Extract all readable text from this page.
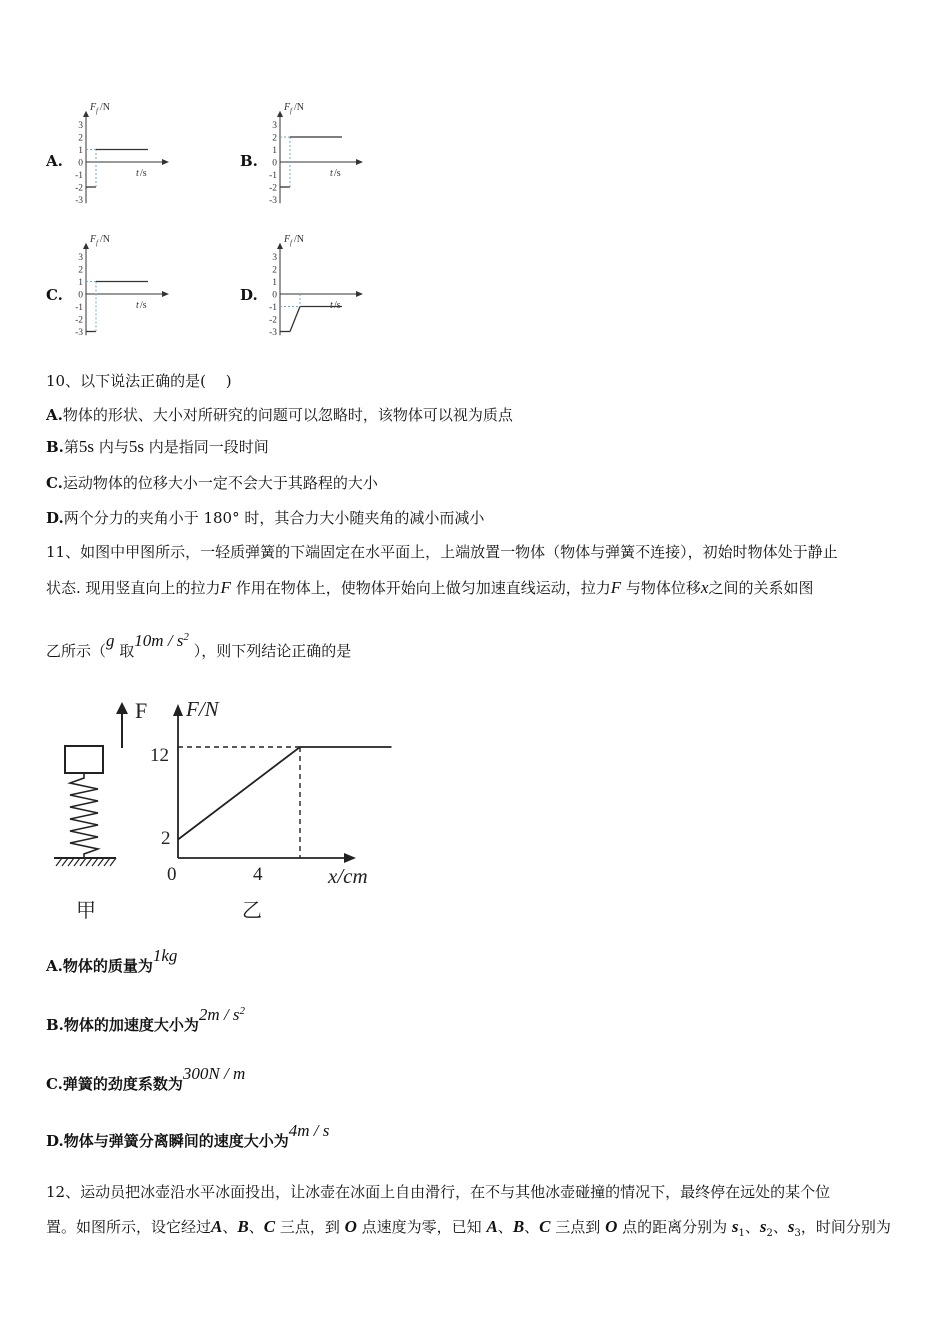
A.
F f /N
t /s
3
2
1
0
-1
-2
-3
B.
F f /N
t /s
3
2
1
0
-1
-2
-3
C.
F f /N
t /s
3
2
1
0
-1
-2
-3
D.
F f /N
t /s
3
2
1
0
-1
-2
-3
10、以下说法正确的是(　 )
A.物体的形状、大小对所研究的问题可以忽略时，该物体可以视为质点
B.第5s 内与5s 内是指同一段时间
C.运动物体的位移大小一定不会大于其路程的大小
D.两个分力的夹角小于 180° 时，其合力大小随夹角的减小而减小
11、如图中甲图所示，一轻质弹簧的下端固定在水平面上，上端放置一物体（物体与弹簧不连接），初始时物体处于静止
状态. 现用竖直向上的拉力F 作用在物体上，使物体开始向上做匀加速直线运动，拉力F 与物体位移x之间的关系如图
乙所示（g 取$10m / s^2$ ），则下列结论正确的是
F
甲
F/N
x/cm
0
12
2
4
乙
A.物体的质量为1kg
B.物体的加速度大小为$2m / s^2$
C.弹簧的劲度系数为300N / m
D.物体与弹簧分离瞬间的速度大小为4m / s
12、运动员把冰壶沿水平冰面投出，让冰壶在冰面上自由滑行，在不与其他冰壶碰撞的情况下，最终停在远处的某个位
置。如图所示，设它经过A、B、C 三点，到 O 点速度为零，已知 A、B、C 三点到 O 点的距离分别为 $s_1$、$s_2$、$s_3$，时间分别为
